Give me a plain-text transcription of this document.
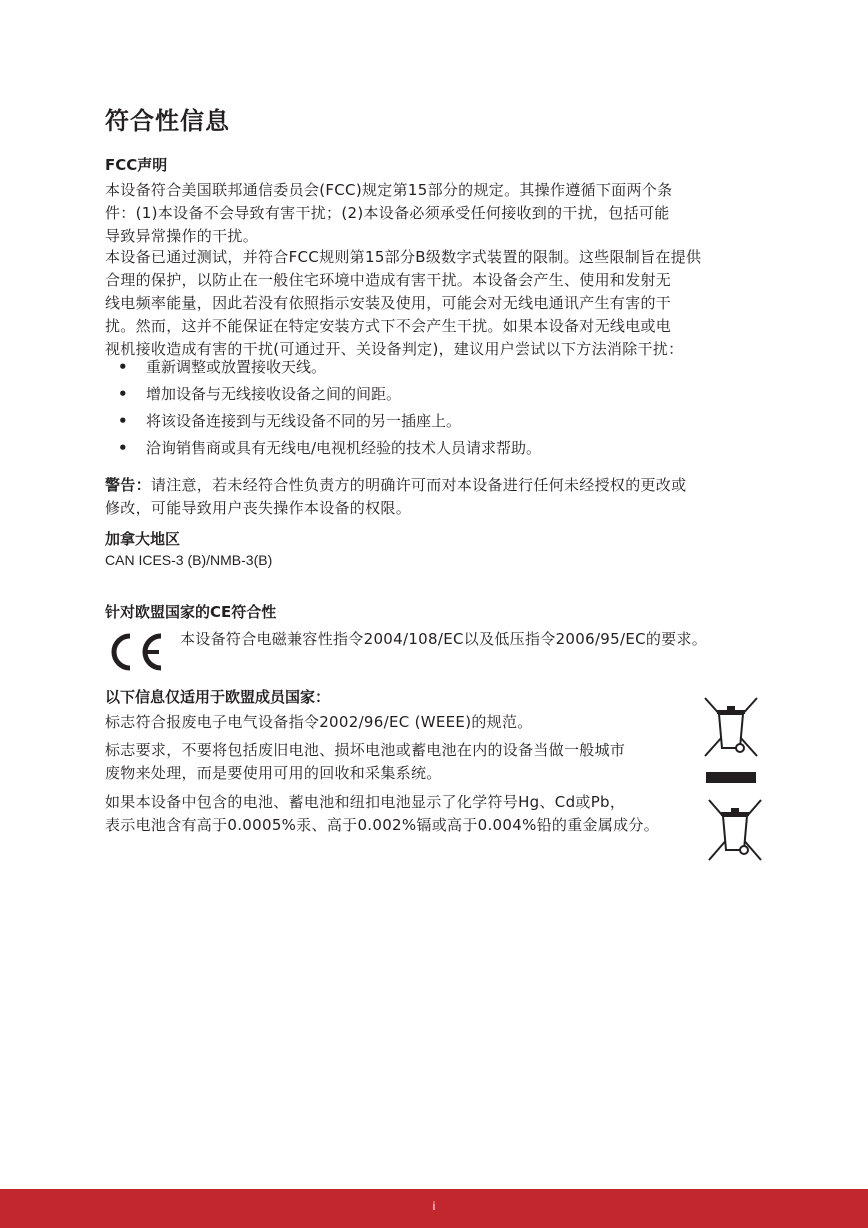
符合性信息
FCC声明
本设备符合美国联邦通信委员会(FCC)规定第15部分的规定。其操作遵循下面两个条
件：(1)本设备不会导致有害干扰；(2)本设备必须承受任何接收到的干扰，包括可能
导致异常操作的干扰。
本设备已通过测试，并符合FCC规则第15部分B级数字式装置的限制。这些限制旨在提供
合理的保护，以防止在一般住宅环境中造成有害干扰。本设备会产生、使用和发射无
线电频率能量，因此若没有依照指示安装及使用，可能会对无线电通讯产生有害的干
扰。然而，这并不能保证在特定安装方式下不会产生干扰。如果本设备对无线电或电
视机接收造成有害的干扰(可通过开、关设备判定)，建议用户尝试以下方法消除干扰：
• 重新调整或放置接收天线。
• 增加设备与无线接收设备之间的间距。
• 将该设备连接到与无线设备不同的另一插座上。
• 洽询销售商或具有无线电/电视机经验的技术人员请求帮助。
警告：请注意，若未经符合性负责方的明确许可而对本设备进行任何未经授权的更改或
修改，可能导致用户丧失操作本设备的权限。
加拿大地区
CAN ICES-3 (B)/NMB-3(B)
针对欧盟国家的CE符合性
本设备符合电磁兼容性指令2004/108/EC以及低压指令2006/95/EC的要求。
以下信息仅适用于欧盟成员国家：
标志符合报废电子电气设备指令2002/96/EC (WEEE)的规范。
标志要求，不要将包括废旧电池、损坏电池或蓄电池在内的设备当做一般城市
废物来处理，而是要使用可用的回收和采集系统。
如果本设备中包含的电池、蓄电池和纽扣电池显示了化学符号Hg、Cd或Pb，
表示电池含有高于0.0005%汞、高于0.002%镉或高于0.004%铅的重金属成分。
i
